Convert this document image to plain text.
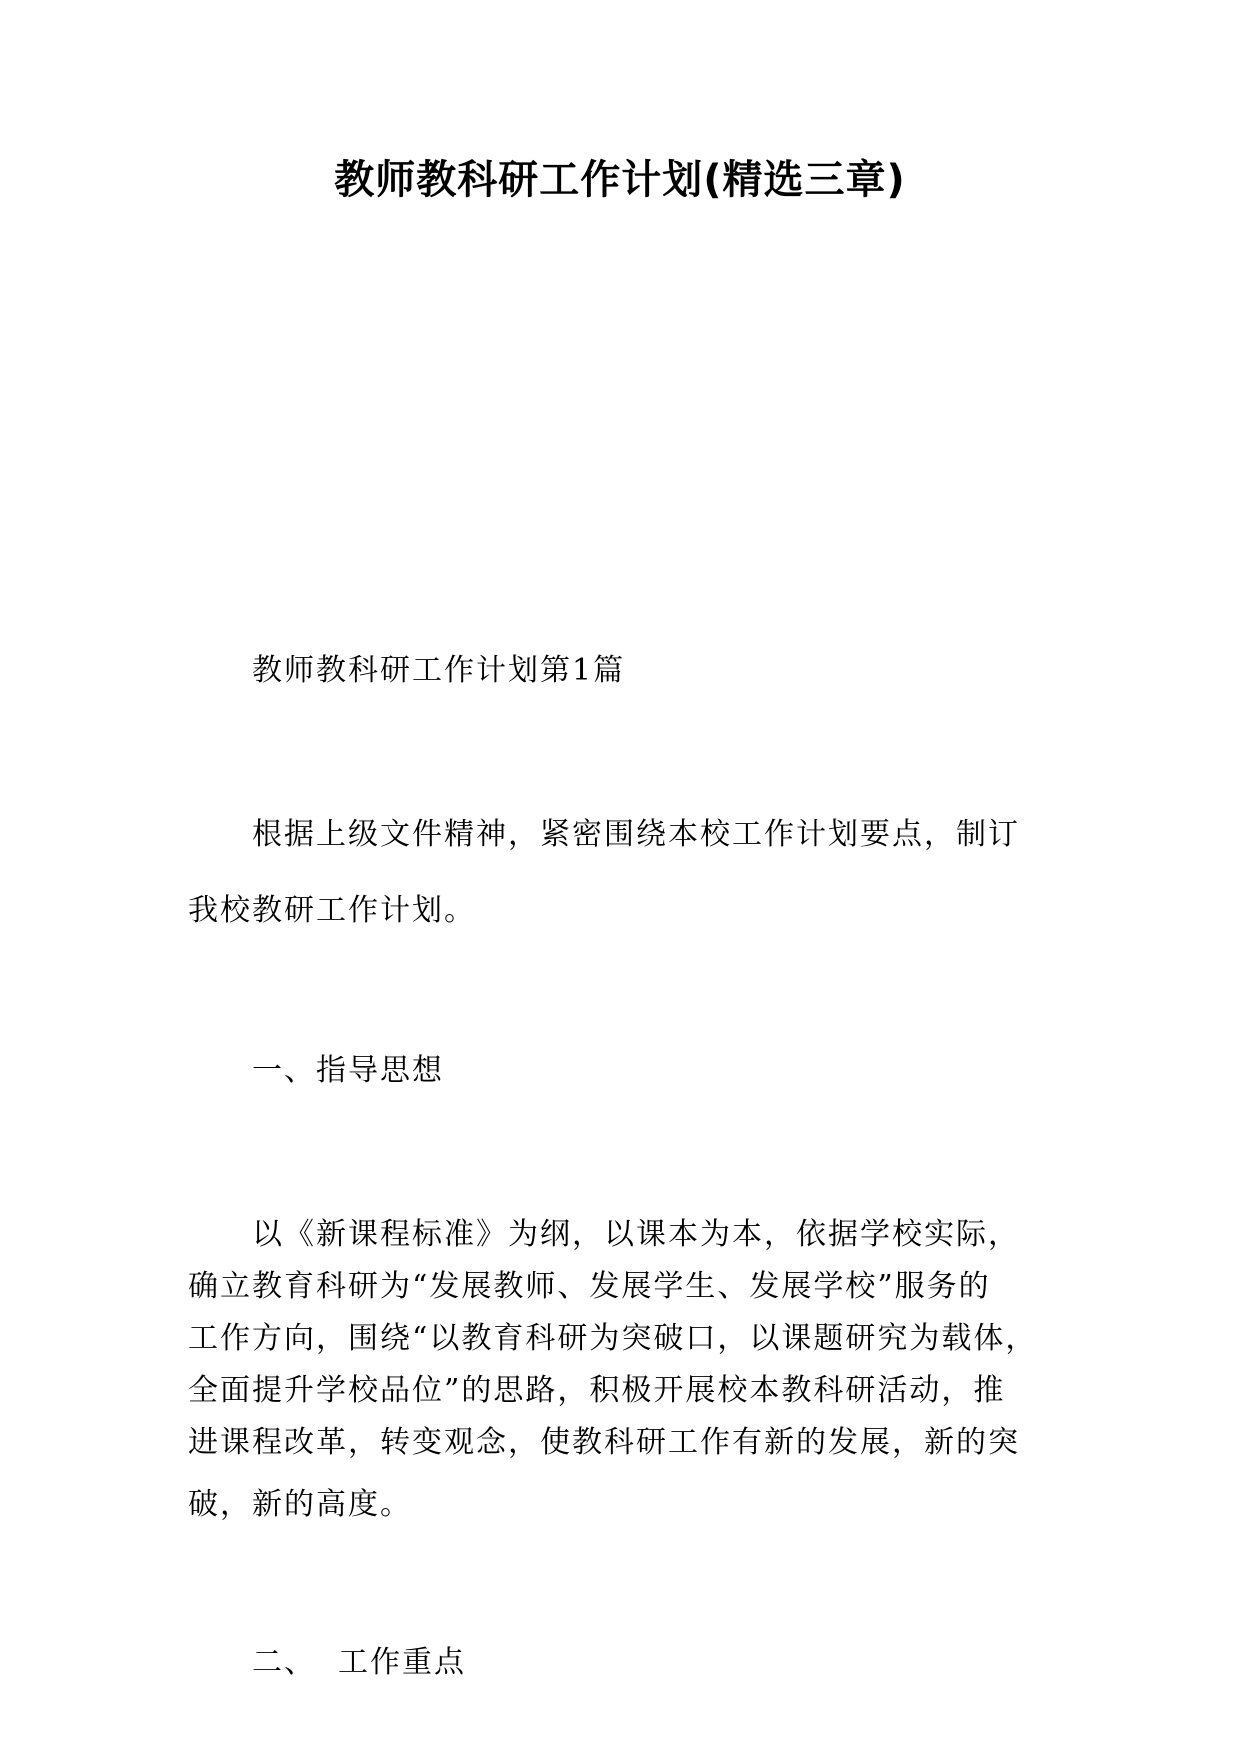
教师教科研工作计划(精选三章)
教师教科研工作计划第1篇
根据上级文件精神，紧密围绕本校工作计划要点，制订
我校教研工作计划。
一、指导思想
以《新课程标准》为纲，以课本为本，依据学校实际，
确立教育科研为“发展教师、发展学生、发展学校”服务的
工作方向，围绕“以教育科研为突破口，以课题研究为载体，
全面提升学校品位”的思路，积极开展校本教科研活动，推
进课程改革，转变观念，使教科研工作有新的发展，新的突
破，新的高度。
二、 工作重点
